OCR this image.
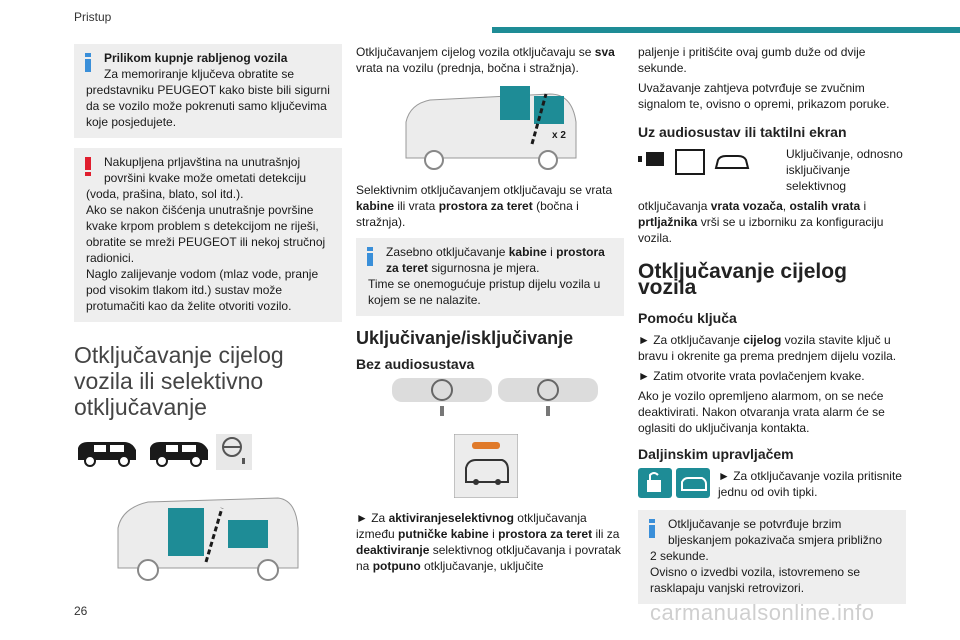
Pristup
Prilikom kupnje rabljenog vozila
Za memoriranje ključeva obratite se
predstavniku PEUGEOT kako biste bili sigurni da se vozilo može pokrenuti samo ključevima koje posjedujete.
Nakupljena prljavština na unutrašnjoj
površini kvake može ometati detekciju
(voda, prašina, blato, sol itd.).
Ako se nakon čišćenja unutrašnje površine kvake krpom problem s detekcijom ne riješi, obratite se mreži PEUGEOT ili nekoj stručnoj radionici.
Naglo zalijevanje vodom (mlaz vode, pranje pod visokim tlakom itd.) sustav može protumačiti kao da želite otvoriti vozilo.
Otključavanje cijelog vozila ili selektivno otključavanje

Otključavanjem cijelog vozila otključavaju se sva vrata na vozilu (prednja, bočna i stražnja).

x 2

Selektivnim otključavanjem otključavaju se vrata kabine ili vrata prostora za teret (bočna i stražnja).

Zasebno otključavanje kabine i prostora za teret sigurnosna je mjera.
Time se onemogućuje pristup dijelu vozila u kojem se ne nalazite.
Uključivanje/isključivanje
Bez audiosustava

► Za aktiviranjeselektivnog otključavanja između putničke kabine i prostora za teret ili za deaktiviranje selektivnog otključavanja i povratak na potpuno otključavanje, uključite

paljenje i pritišćite ovaj gumb duže od dvije sekunde.

Uvažavanje zahtjeva potvrđuje se zvučnim signalom te, ovisno o opremi, prikazom poruke.

Uz audiosustav ili taktilni ekran

Uključivanje, odnosno isključivanje selektivnog

otključavanja vrata vozača, ostalih vrata i prtljažnika vrši se u izborniku za konfiguraciju vozila.

Otključavanje cijelog vozila
Pomoću ključa

► Za otključavanje cijelog vozila stavite ključ u bravu i okrenite ga prema prednjem dijelu vozila.

► Zatim otvorite vrata povlačenjem kvake.

Ako je vozilo opremljeno alarmom, on se neće deaktivirati. Nakon otvaranja vrata alarm će se oglasiti do uključivanja kontakta.

Daljinskim upravljačem

► Za otključavanje vozila pritisnite jednu od ovih tipki.

Otključavanje se potvrđuje brzim
bljeskanjem pokazivača smjera približno
2 sekunde.
Ovisno o izvedbi vozila, istovremeno se rasklapaju vanjski retrovizori.
26	carmanualsonline.info
